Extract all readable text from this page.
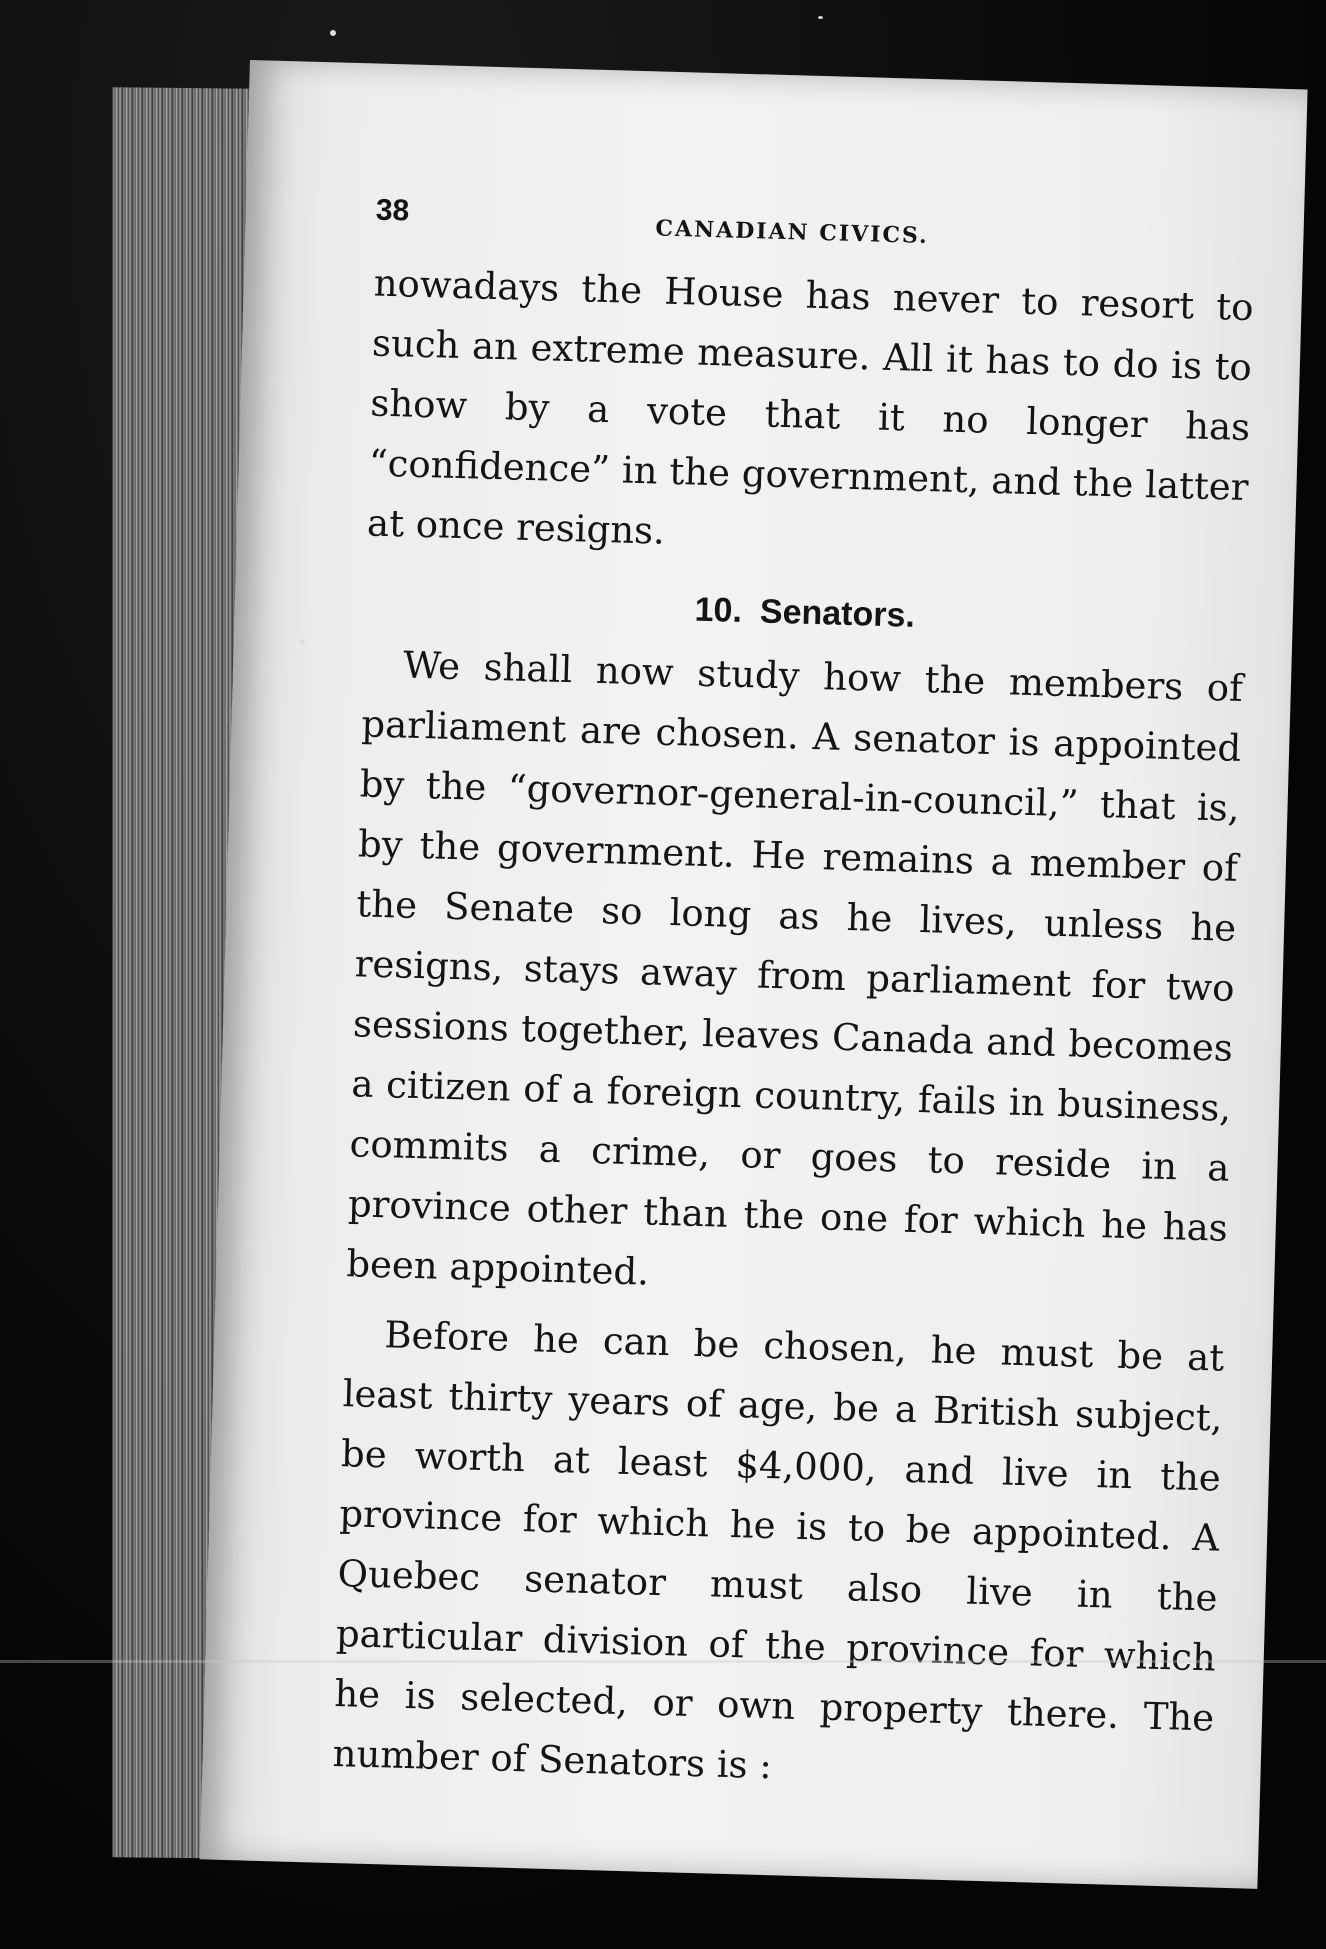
38
CANADIAN CIVICS.

nowadays the House has never to resort to such an extreme measure. All it has to do is to show by a vote that it no longer has “confidence” in the government, and the latter at once resigns.

10. Senators.

We shall now study how the members of parliament are chosen. A senator is appointed by the “governor-general-in-council,” that is, by the government. He remains a member of the Senate so long as he lives, unless he resigns, stays away from parliament for two sessions together, leaves Canada and becomes a citizen of a foreign country, fails in business, commits a crime, or goes to reside in a province other than the one for which he has been appointed.

Before he can be chosen, he must be at least thirty years of age, be a British subject, be worth at least $4,000, and live in the province for which he is to be appointed. A Quebec senator must also live in the particular division of the province for which he is selected, or own property there. The number of Senators is :
